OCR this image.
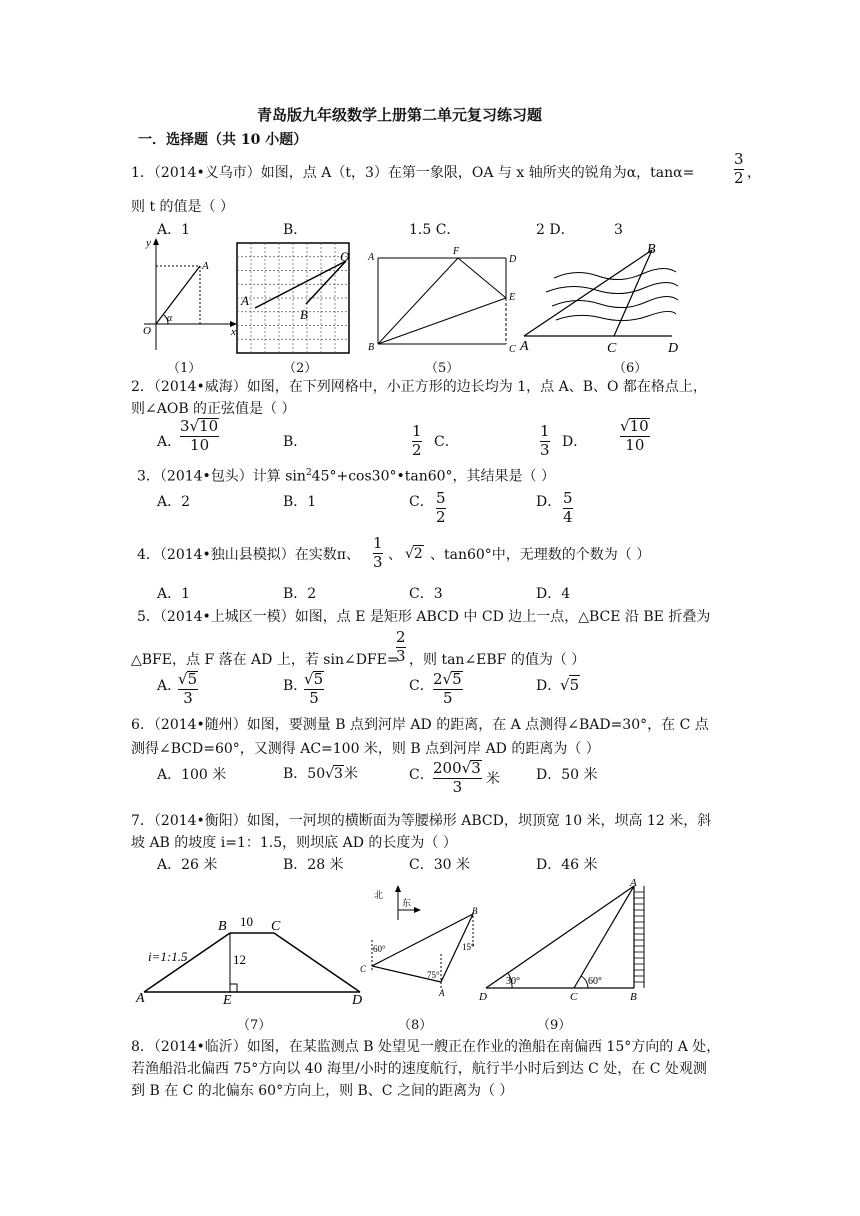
青岛版九年级数学上册第二单元复习练习题
一．选择题（共 10 小题）
1．（2014•义乌市）如图，点 A（t，3）在第一象限，OA 与 x 轴所夹的锐角为α，tanα=
3
2 ，
则 t 的值是（ ）
A．1	B．	1.5 C．	2 D．	3
y
x
O
A
α
（1）
O
A
B
（2）
A
F
D
E
B	C
（5）
B
A	C	D
（6）
2．（2014•威海）如图，在下列网格中，小正方形的边长均为 1，点 A、B、O 都在格点上，
则∠AOB 的正弦值是（ ）
A．
3√10
10	B．
1
2 C．
1
3 D．
√10
10
3．（2014•包头）计算 $\sin^245^\circ+\cos 30^\circ•\tan 60^\circ$，其结果是（ ）
A．2	B．1	C． 5
2
D． 5
4
4．（2014•独山县模拟）在实数π、
1
3 、 √2 、tan60°中，无理数的个数为（ ）
A．1	B．2	C．3	D．4
5．（2014•上城区一模）如图，点 E 是矩形 ABCD 中 CD 边上一点，△BCE 沿 BE 折叠为
△BFE，点 F 落在 AD 上，若 sin∠DFE=
2
3 ，则 tan∠EBF 的值为（ ）
A．
√5
3
B．
√5
5
C． 2√5
5
D．
√5
6．（2014•随州）如图，要测量 B 点到河岸 AD 的距离，在 A 点测得∠BAD=30°，在 C 点
测得∠BCD=60°，又测得 AC=100 米，则 B 点到河岸 AD 的距离为（ ）
A．100 米	B．50√3米	C． 200√3
3 米	D．50 米
7．（2014•衡阳）如图，一河坝的横断面为等腰梯形 ABCD，坝顶宽 10 米，坝高 12 米，斜
坡 AB 的坡度 i=1：1.5，则坝底 AD 的长度为（ ）
A．26 米	B．28 米	C．30 米	D．46 米
i=1:1.5
B	C
10
12
A	E	D
（7）
北
东
C
B
A
60°
75°
15°
（8）
A
D	C	B
30°	60°
（9）
8．（2014•临沂）如图，在某监测点 B 处望见一艘正在作业的渔船在南偏西 15°方向的 A 处，
若渔船沿北偏西 75°方向以 40 海里/小时的速度航行，航行半小时后到达 C 处，在 C 处观测
到 B 在 C 的北偏东 60°方向上，则 B、C 之间的距离为（ ）
